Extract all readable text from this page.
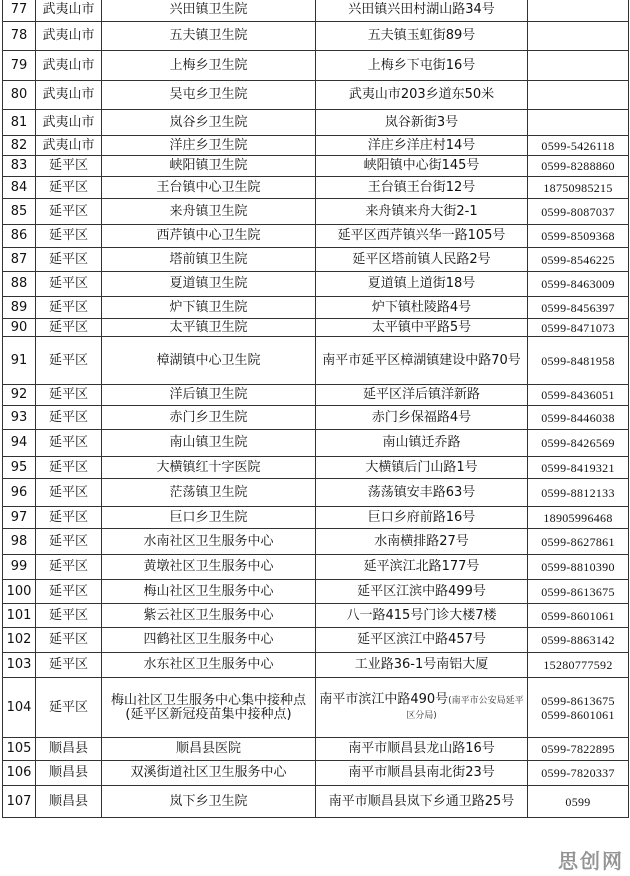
77	武夷山市	兴田镇卫生院	兴田镇兴田村湖山路34号	
78	武夷山市	五夫镇卫生院	五夫镇玉虹街89号	
79	武夷山市	上梅乡卫生院	上梅乡下屯街16号	
80	武夷山市	吴屯乡卫生院	武夷山市203乡道东50米	
81	武夷山市	岚谷乡卫生院	岚谷新街3号	
82	武夷山市	洋庄乡卫生院	洋庄乡洋庄村14号	0599-5426118
83	延平区	峡阳镇卫生院	峡阳镇中心街145号	0599-8288860
84	延平区	王台镇中心卫生院	王台镇王台街12号	18750985215
85	延平区	来舟镇卫生院	来舟镇来舟大街2-1	0599-8087037
86	延平区	西芹镇中心卫生院	延平区西芹镇兴华一路105号	0599-8509368
87	延平区	塔前镇卫生院	延平区塔前镇人民路2号	0599-8546225
88	延平区	夏道镇卫生院	夏道镇上道街18号	0599-8463009
89	延平区	炉下镇卫生院	炉下镇杜陵路4号	0599-8456397
90	延平区	太平镇卫生院	太平镇中平路5号	0599-8471073
91	延平区	樟湖镇中心卫生院	南平市延平区樟湖镇建设中路70号	0599-8481958
92	延平区	洋后镇卫生院	延平区洋后镇洋新路	0599-8436051
93	延平区	赤门乡卫生院	赤门乡保福路4号	0599-8446038
94	延平区	南山镇卫生院	南山镇迁乔路	0599-8426569
95	延平区	大横镇红十字医院	大横镇后门山路1号	0599-8419321
96	延平区	茫荡镇卫生院	荡荡镇安丰路63号	0599-8812133
97	延平区	巨口乡卫生院	巨口乡府前路16号	18905996468
98	延平区	水南社区卫生服务中心	水南横排路27号	0599-8627861
99	延平区	黄墩社区卫生服务中心	延平滨江北路177号	0599-8810390
100	延平区	梅山社区卫生服务中心	延平区江滨中路499号	0599-8613675
101	延平区	紫云社区卫生服务中心	八一路415号门诊大楼7楼	0599-8601061
102	延平区	四鹤社区卫生服务中心	延平区滨江中路457号	0599-8863142
103	延平区	水东社区卫生服务中心	工业路36-1号南铝大厦	15280777592
104	延平区	梅山社区卫生服务中心集中接种点(延平区新冠疫苗集中接种点)	南平市滨江中路490号(南平市公安局延平区分局)	0599-8613675
0599-8601061
105	顺昌县	顺昌县医院	南平市顺昌县龙山路16号	0599-7822895
106	顺昌县	双溪街道社区卫生服务中心	南平市顺昌县南北街23号	0599-7820337
107	顺昌县	岚下乡卫生院	南平市顺昌县岚下乡通卫路25号	0599
思创网
